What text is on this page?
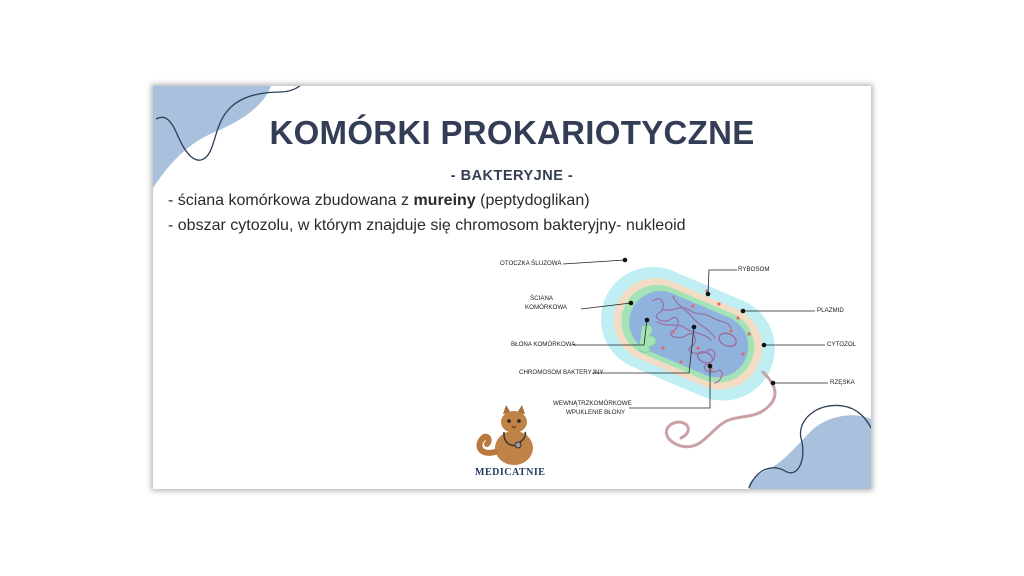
KOMÓRKI PROKARIOTYCZNE
- BAKTERYJNE -
- ściana komórkowa zbudowana z mureiny (peptydoglikan)
- obszar cytozolu, w którym znajduje się chromosom bakteryjny- nukleoid
OTOCZKA ŚLUZOWA
ŚCIANA
KOMÓRKOWA
BŁONA KOMÓRKOWA
CHROMOSOM BAKTERYJNY
WEWNĄTRZKOMÓRKOWE
WPUKLENIE BŁONY
RYBOSOM
PLAZMID
CYTOZOL
RZĘSKA
MEDICATNIE
